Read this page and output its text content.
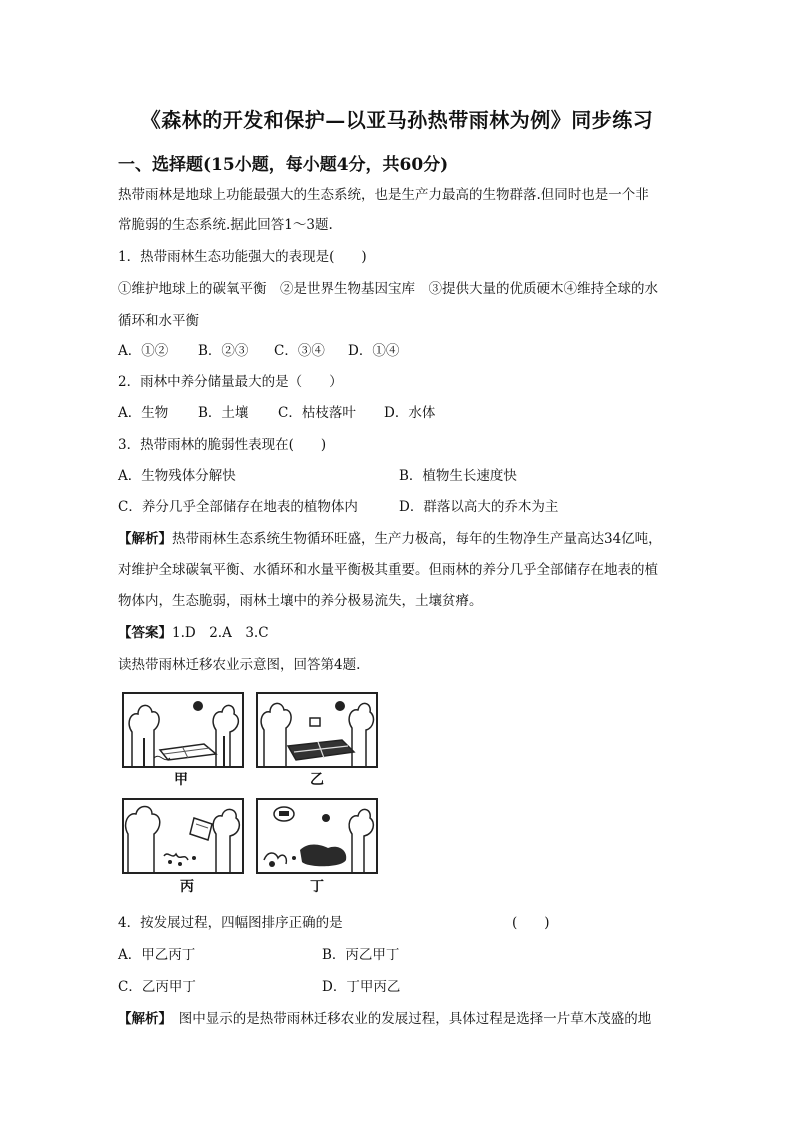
《森林的开发和保护—以亚马孙热带雨林为例》同步练习
一、选择题(15小题，每小题4分，共60分)
热带雨林是地球上功能最强大的生态系统，也是生产力最高的生物群落.但同时也是一个非
常脆弱的生态系统.据此回答1～3题.
1．热带雨林生态功能强大的表现是(　　)
①维护地球上的碳氧平衡　②是世界生物基因宝库　③提供大量的优质硬木④维持全球的水
循环和水平衡
A．①② B．②③ C．③④ D．①④
2．雨林中养分储量最大的是（　　）
A．生物 B．土壤 C．枯枝落叶 D．水体
3．热带雨林的脆弱性表现在(　　)
A．生物残体分解快	B．植物生长速度快
C．养分几乎全部储存在地表的植物体内	D．群落以高大的乔木为主
【解析】热带雨林生态系统生物循环旺盛，生产力极高，每年的生物净生产量高达34亿吨，
对维护全球碳氧平衡、水循环和水量平衡极其重要。但雨林的养分几乎全部储存在地表的植
物体内，生态脆弱，雨林土壤中的养分极易流失，土壤贫瘠。
【答案】1.D　2.A　3.C
读热带雨林迁移农业示意图，回答第4题.
甲	乙
丙	丁
4．按发展过程，四幅图排序正确的是	(　　)
A．甲乙丙丁	B．丙乙甲丁
C．乙丙甲丁	D．丁甲丙乙
【解析】　图中显示的是热带雨林迁移农业的发展过程，具体过程是选择一片草木茂盛的地
